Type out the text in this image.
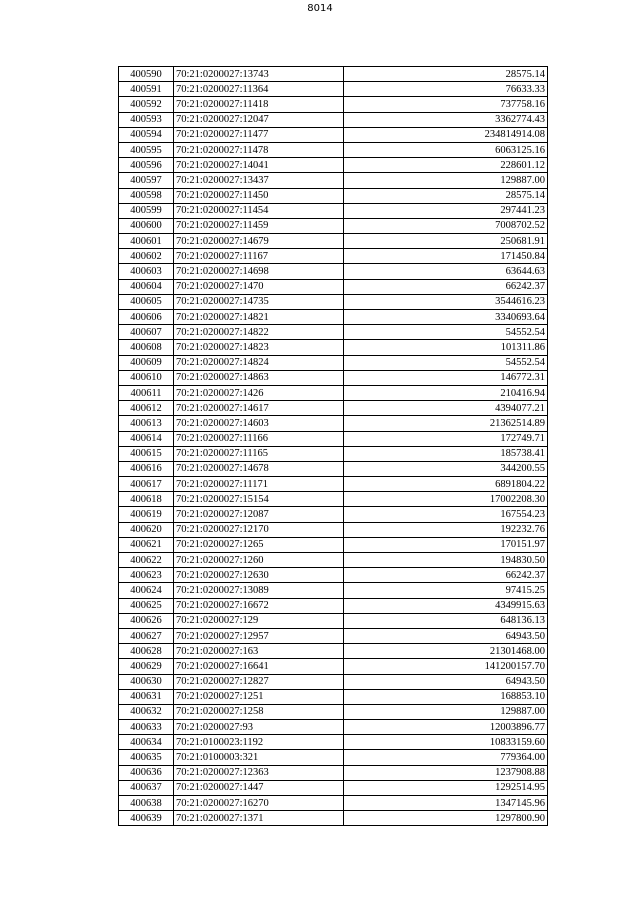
8014
400590	70:21:0200027:13743	28575.14
400591	70:21:0200027:11364	76633.33
400592	70:21:0200027:11418	737758.16
400593	70:21:0200027:12047	3362774.43
400594	70:21:0200027:11477	234814914.08
400595	70:21:0200027:11478	6063125.16
400596	70:21:0200027:14041	228601.12
400597	70:21:0200027:13437	129887.00
400598	70:21:0200027:11450	28575.14
400599	70:21:0200027:11454	297441.23
400600	70:21:0200027:11459	7008702.52
400601	70:21:0200027:14679	250681.91
400602	70:21:0200027:11167	171450.84
400603	70:21:0200027:14698	63644.63
400604	70:21:0200027:1470	66242.37
400605	70:21:0200027:14735	3544616.23
400606	70:21:0200027:14821	3340693.64
400607	70:21:0200027:14822	54552.54
400608	70:21:0200027:14823	101311.86
400609	70:21:0200027:14824	54552.54
400610	70:21:0200027:14863	146772.31
400611	70:21:0200027:1426	210416.94
400612	70:21:0200027:14617	4394077.21
400613	70:21:0200027:14603	21362514.89
400614	70:21:0200027:11166	172749.71
400615	70:21:0200027:11165	185738.41
400616	70:21:0200027:14678	344200.55
400617	70:21:0200027:11171	6891804.22
400618	70:21:0200027:15154	17002208.30
400619	70:21:0200027:12087	167554.23
400620	70:21:0200027:12170	192232.76
400621	70:21:0200027:1265	170151.97
400622	70:21:0200027:1260	194830.50
400623	70:21:0200027:12630	66242.37
400624	70:21:0200027:13089	97415.25
400625	70:21:0200027:16672	4349915.63
400626	70:21:0200027:129	648136.13
400627	70:21:0200027:12957	64943.50
400628	70:21:0200027:163	21301468.00
400629	70:21:0200027:16641	141200157.70
400630	70:21:0200027:12827	64943.50
400631	70:21:0200027:1251	168853.10
400632	70:21:0200027:1258	129887.00
400633	70:21:0200027:93	12003896.77
400634	70:21:0100023:1192	10833159.60
400635	70:21:0100003:321	779364.00
400636	70:21:0200027:12363	1237908.88
400637	70:21:0200027:1447	1292514.95
400638	70:21:0200027:16270	1347145.96
400639	70:21:0200027:1371	1297800.90
